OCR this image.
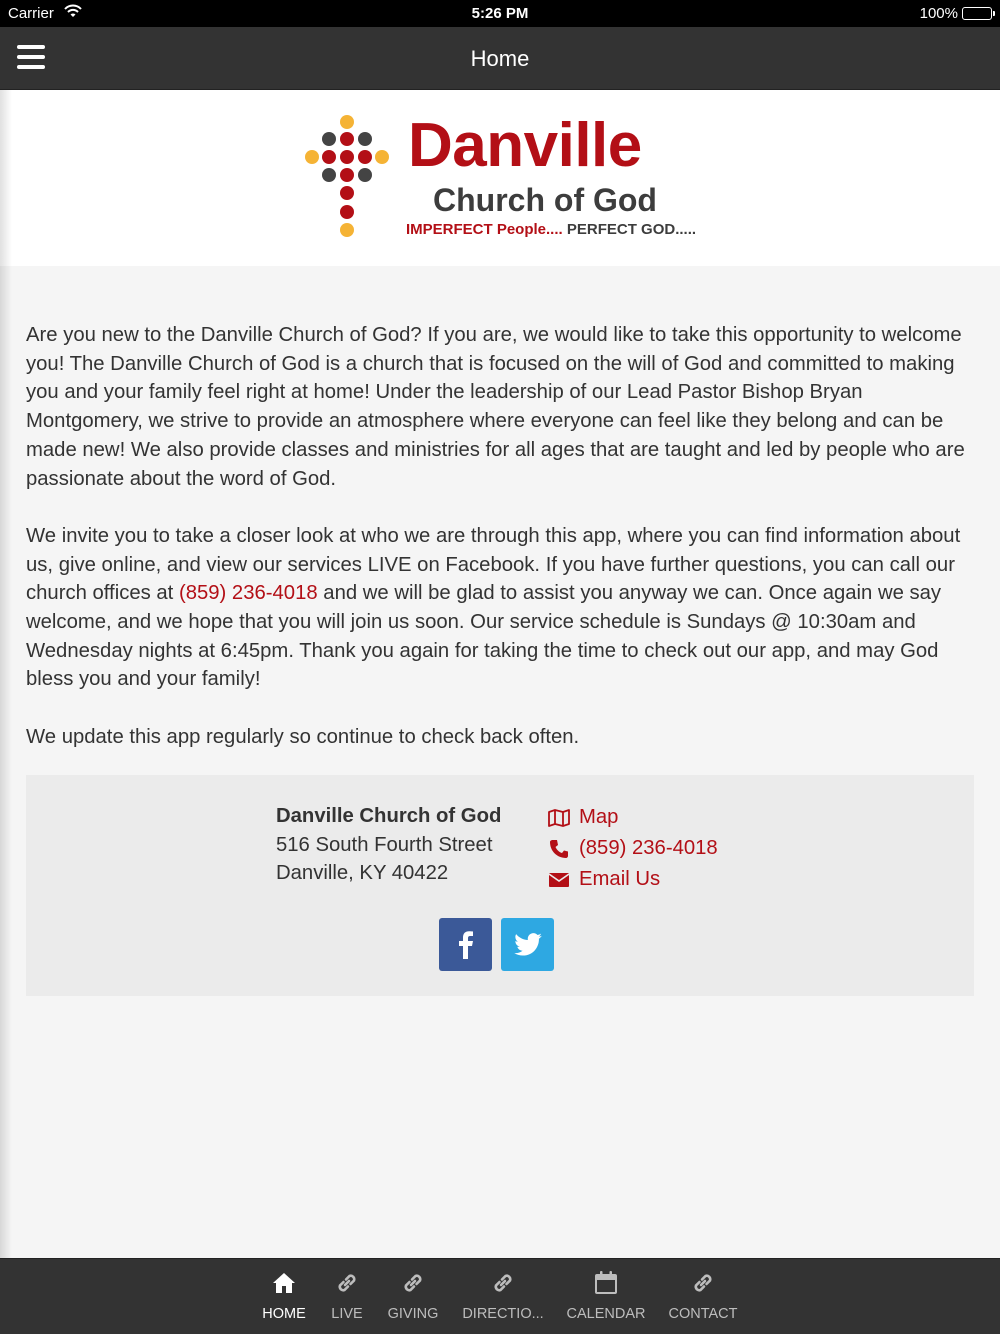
Carrier	5:26 PM	100%
Home
Danville
Church of God
IMPERFECT People.... PERFECT GOD.....

Are you new to the Danville Church of God? If you are, we would like to take this opportunity to welcome you! The Danville Church of God is a church that is focused on the will of God and committed to making you and your family feel right at home! Under the leadership of our Lead Pastor Bishop Bryan Montgomery, we strive to provide an atmosphere where everyone can feel like they belong and can be made new! We also provide classes and ministries for all ages that are taught and led by people who are passionate about the word of God.

We invite you to take a closer look at who we are through this app, where you can find information about us, give online, and view our services LIVE on Facebook. If you have further questions, you can call our church offices at (859) 236-4018 and we will be glad to assist you anyway we can. Once again we say welcome, and we hope that you will join us soon. Our service schedule is Sundays @ 10:30am and Wednesday nights at 6:45pm. Thank you again for taking the time to check out our app, and may God bless you and your family!

We update this app regularly so continue to check back often.

Danville Church of God
516 South Fourth Street
Danville, KY 40422
Map
(859) 236-4018
Email Us
HOME LIVE GIVING DIRECTIO... CALENDAR CONTACT
